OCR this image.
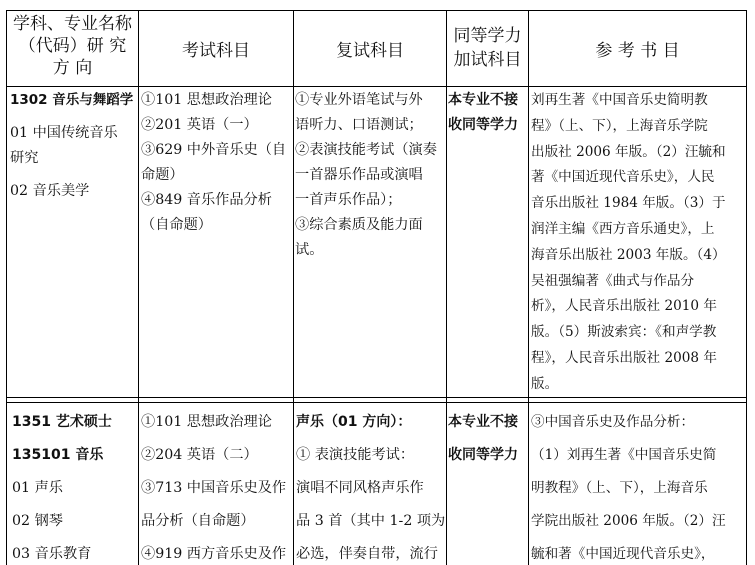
学科、专业名称
（代码）研 究
方 向
考试科目	复试科目
同等学力
加试科目	参 考 书 目
1302 音乐与舞蹈学
01 中国传统音乐
研究
02 音乐美学
①101 思想政治理论
②201 英语（一）
③629 中外音乐史（自
命题）
④849 音乐作品分析
（自命题）
①专业外语笔试与外
语听力、口语测试；
②表演技能考试（演奏
一首器乐作品或演唱
一首声乐作品）；
③综合素质及能力面
试。
本专业不接
收同等学力
刘再生著《中国音乐史简明教
程》（上、下），上海音乐学院
出版社 2006 年版。（2）汪毓和
著《中国近现代音乐史》，人民
音乐出版社 1984 年版。（3）于
润洋主编《西方音乐通史》，上
海音乐出版社 2003 年版。（4）
吴祖强编著《曲式与作品分
析》，人民音乐出版社 2010 年
版。（5）斯波索宾：《和声学教
程》，人民音乐出版社 2008 年
版。
1351 艺术硕士
135101 音乐
01 声乐
02 钢琴
03 音乐教育
①101 思想政治理论
②204 英语（二）
③713 中国音乐史及作
品分析（自命题）
④919 西方音乐史及作
声乐（01 方向）：
① 表演技能考试：
演唱不同风格声乐作
品 3 首（其中 1-2 项为
必选，伴奏自带，流行
本专业不接
收同等学力
③中国音乐史及作品分析：
（1）刘再生著《中国音乐史简
明教程》（上、下），上海音乐
学院出版社 2006 年版。（2）汪
毓和著《中国近现代音乐史》，
